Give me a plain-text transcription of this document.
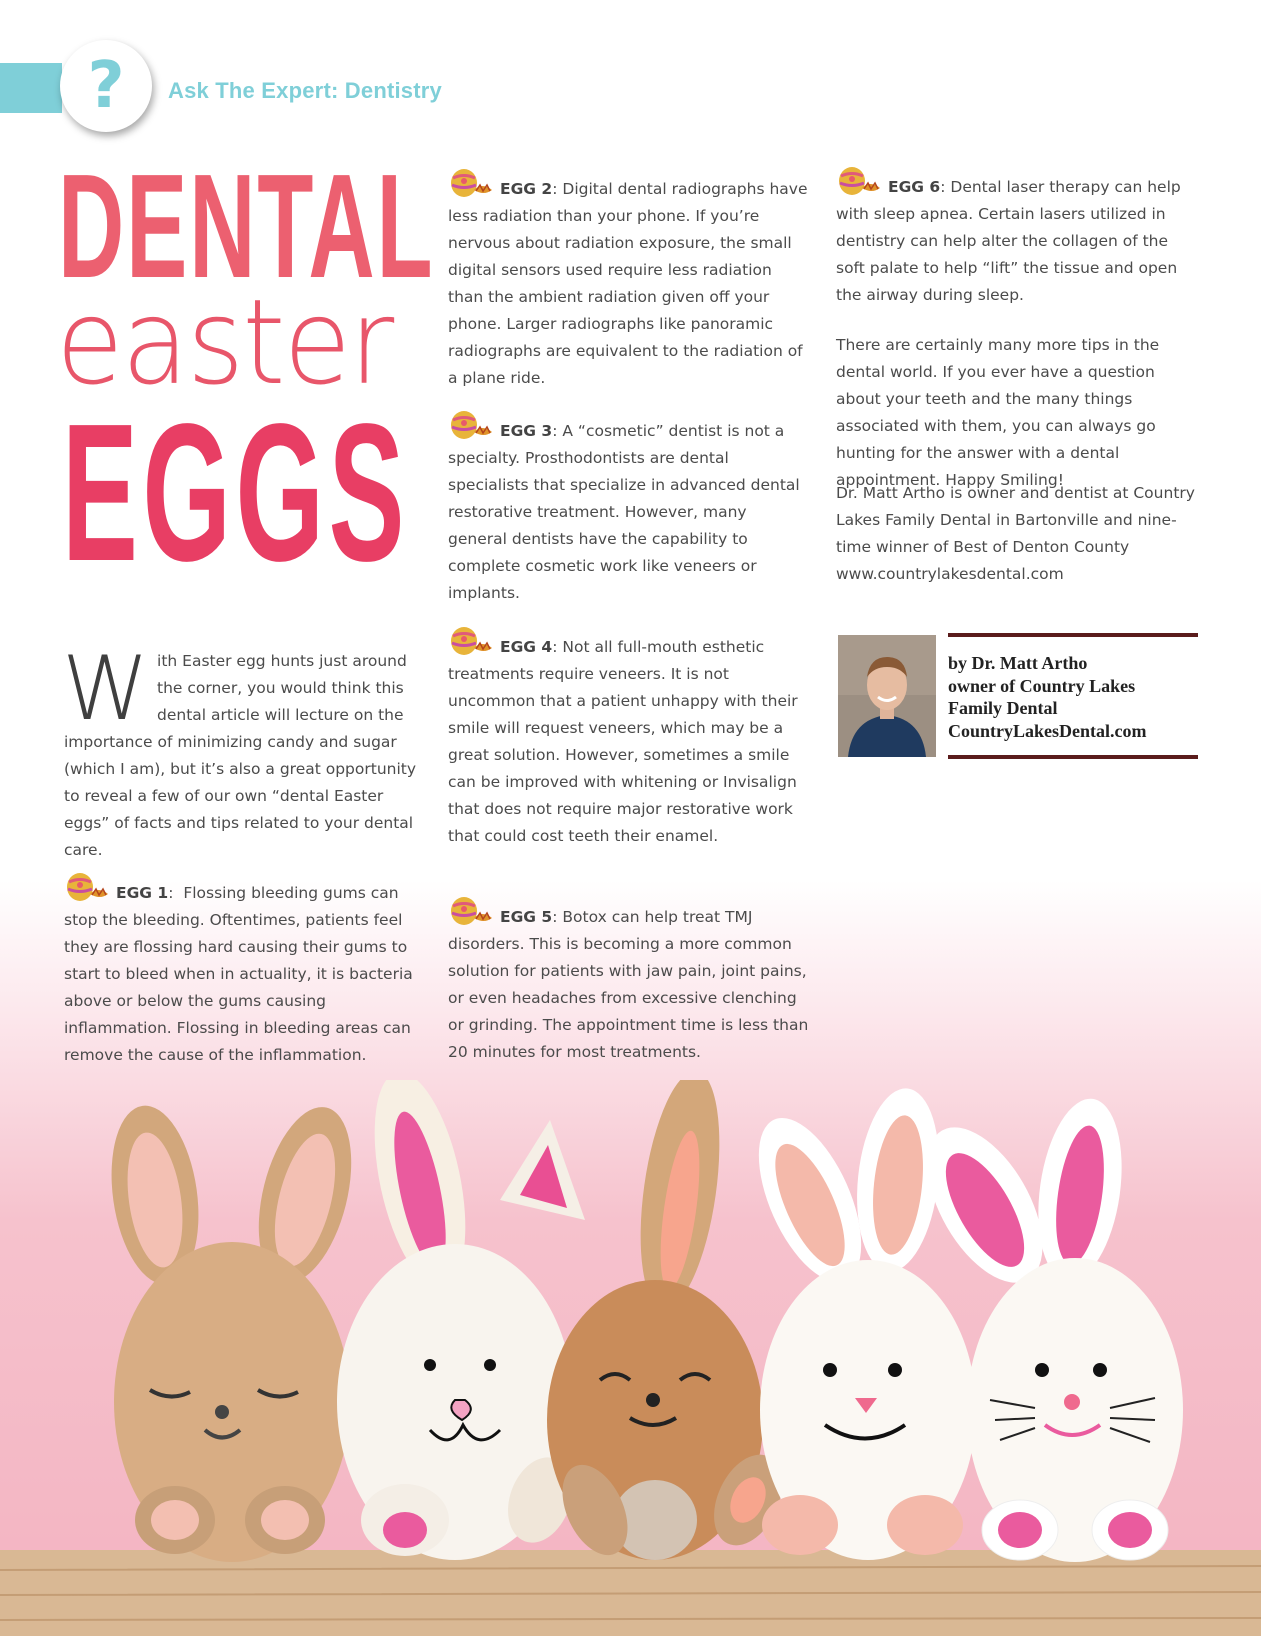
?	Ask The Expert: Dentistry
DENTAL
easter
EGGS
With Easter egg hunts just around the corner, you would think this dental article will lecture on the importance of minimizing candy and sugar (which I am), but it’s also a great opportunity to reveal a few of our own “dental Easter eggs” of facts and tips related to your dental care.
EGG 1: Flossing bleeding gums can stop the bleeding. Oftentimes, patients feel they are flossing hard causing their gums to start to bleed when in actuality, it is bacteria above or below the gums causing inflammation. Flossing in bleeding areas can remove the cause of the inflammation.
EGG 2: Digital dental radiographs have less radiation than your phone. If you’re nervous about radiation exposure, the small digital sensors used require less radiation than the ambient radiation given off your phone. Larger radiographs like panoramic radiographs are equivalent to the radiation of a plane ride.
EGG 3: A “cosmetic” dentist is not a specialty. Prosthodontists are dental specialists that specialize in advanced dental restorative treatment. However, many general dentists have the capability to complete cosmetic work like veneers or implants.
EGG 4: Not all full-mouth esthetic treatments require veneers. It is not uncommon that a patient unhappy with their smile will request veneers, which may be a great solution. However, sometimes a smile can be improved with whitening or Invisalign that does not require major restorative work that could cost teeth their enamel.
EGG 5: Botox can help treat TMJ disorders. This is becoming a more common solution for patients with jaw pain, joint pains, or even headaches from excessive clenching or grinding. The appointment time is less than 20 minutes for most treatments.
EGG 6: Dental laser therapy can help with sleep apnea. Certain lasers utilized in dentistry can help alter the collagen of the soft palate to help “lift” the tissue and open the airway during sleep.
There are certainly many more tips in the dental world. If you ever have a question about your teeth and the many things associated with them, you can always go hunting for the answer with a dental appointment. Happy Smiling!
Dr. Matt Artho is owner and dentist at Country Lakes Family Dental in Bartonville and nine-time winner of Best of Denton County www.countrylakesdental.com
by Dr. Matt Artho
owner of Country Lakes
Family Dental
CountryLakesDental.com
